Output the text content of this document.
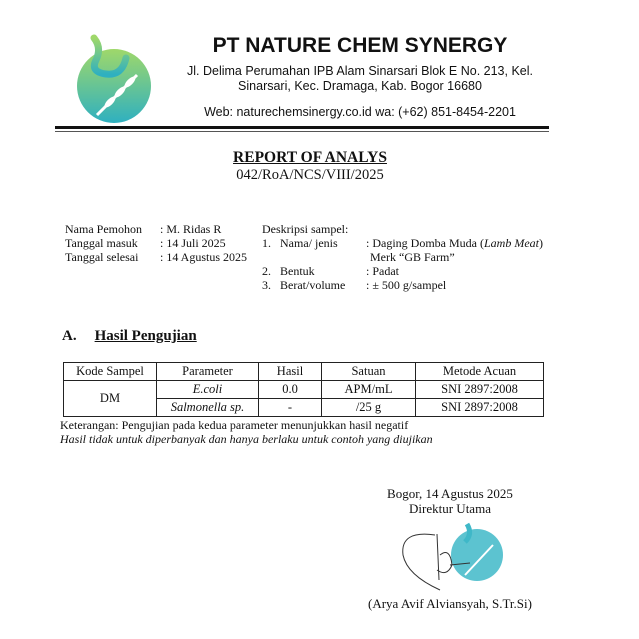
PT NATURE CHEM SYNERGY
Jl. Delima Perumahan IPB Alam Sinarsari Blok E No. 213, Kel.
Sinarsari, Kec. Dramaga, Kab. Bogor 16680
Web: naturechemsinergy.co.id wa: (+62) 851-8454-2201
REPORT OF ANALYS
042/RoA/NCS/VIII/2025
Nama Pemohon : M. Ridas R
Tanggal masuk : 14 Juli 2025
Tanggal selesai : 14 Agustus 2025
Deskripsi sampel:
1. Nama/ jenis : Daging Domba Muda (Lamb Meat)
Merk “GB Farm”
2. Bentuk	: Padat
3. Berat/volume : ± 500 g/sampel
A. Hasil Pengujian
Kode Sampel	Parameter	Hasil	Satuan	Metode Acuan
DM	E.coli	0.0	APM/mL	SNI 2897:2008
	Salmonella sp.	-	/25 g	SNI 2897:2008
Keterangan: Pengujian pada kedua parameter menunjukkan hasil negatif
Hasil tidak untuk diperbanyak dan hanya berlaku untuk contoh yang diujikan
Bogor, 14 Agustus 2025
Direktur Utama
(Arya Avif Alviansyah, S.Tr.Si)
